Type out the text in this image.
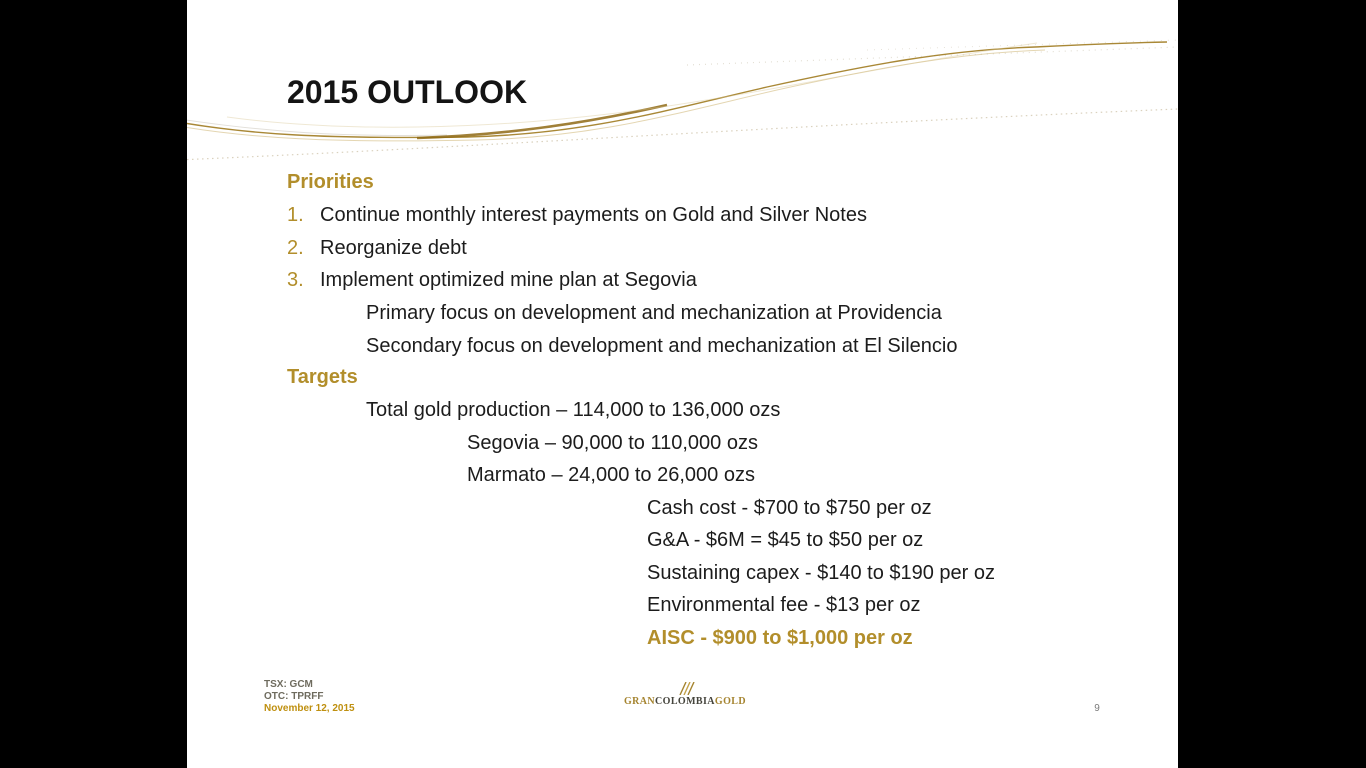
2015 OUTLOOK
Priorities
1. Continue monthly interest payments on Gold and Silver Notes
2. Reorganize debt
3. Implement optimized mine plan at Segovia
Primary focus on development and mechanization at Providencia
Secondary focus on development and mechanization at El Silencio
Targets
Total gold production – 114,000 to 136,000 ozs
Segovia – 90,000 to 110,000 ozs
Marmato – 24,000 to 26,000 ozs
Cash cost - $700 to $750 per oz
G&A - $6M = $45 to $50 per oz
Sustaining capex - $140 to $190 per oz
Environmental fee - $13 per oz
AISC - $900 to $1,000 per oz
TSX: GCM
OTC: TPRFF
November 12, 2015
GRANCOLOMBIAGOLD
9
